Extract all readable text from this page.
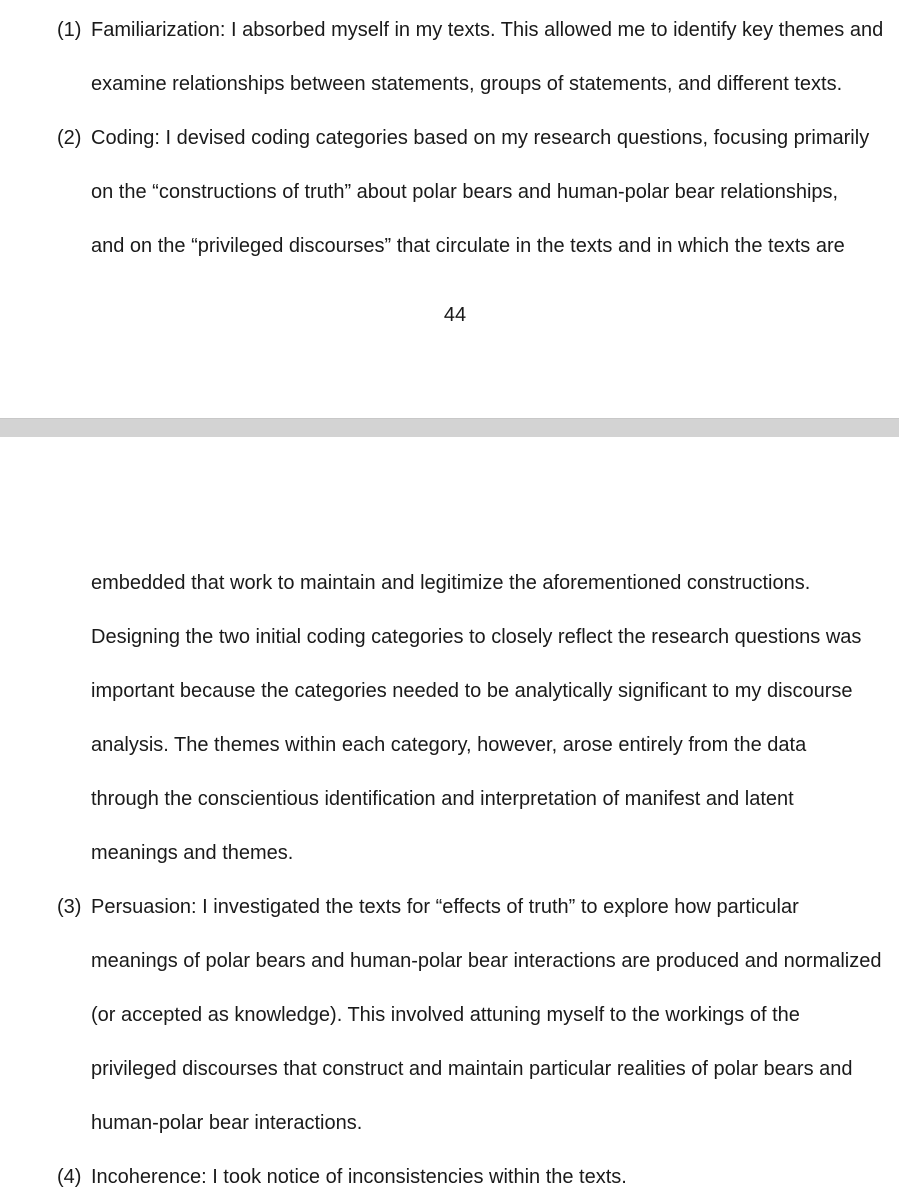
(1) Familiarization: I absorbed myself in my texts. This allowed me to identify key themes and
examine relationships between statements, groups of statements, and different texts.
(2) Coding: I devised coding categories based on my research questions, focusing primarily
on the “constructions of truth” about polar bears and human-polar bear relationships,
and on the “privileged discourses” that circulate in the texts and in which the texts are
44
embedded that work to maintain and legitimize the aforementioned constructions.
Designing the two initial coding categories to closely reflect the research questions was
important because the categories needed to be analytically significant to my discourse
analysis. The themes within each category, however, arose entirely from the data
through the conscientious identification and interpretation of manifest and latent
meanings and themes.
(3) Persuasion: I investigated the texts for “effects of truth” to explore how particular
meanings of polar bears and human-polar bear interactions are produced and normalized
(or accepted as knowledge). This involved attuning myself to the workings of the
privileged discourses that construct and maintain particular realities of polar bears and
human-polar bear interactions.
(4) Incoherence: I took notice of inconsistencies within the texts.
